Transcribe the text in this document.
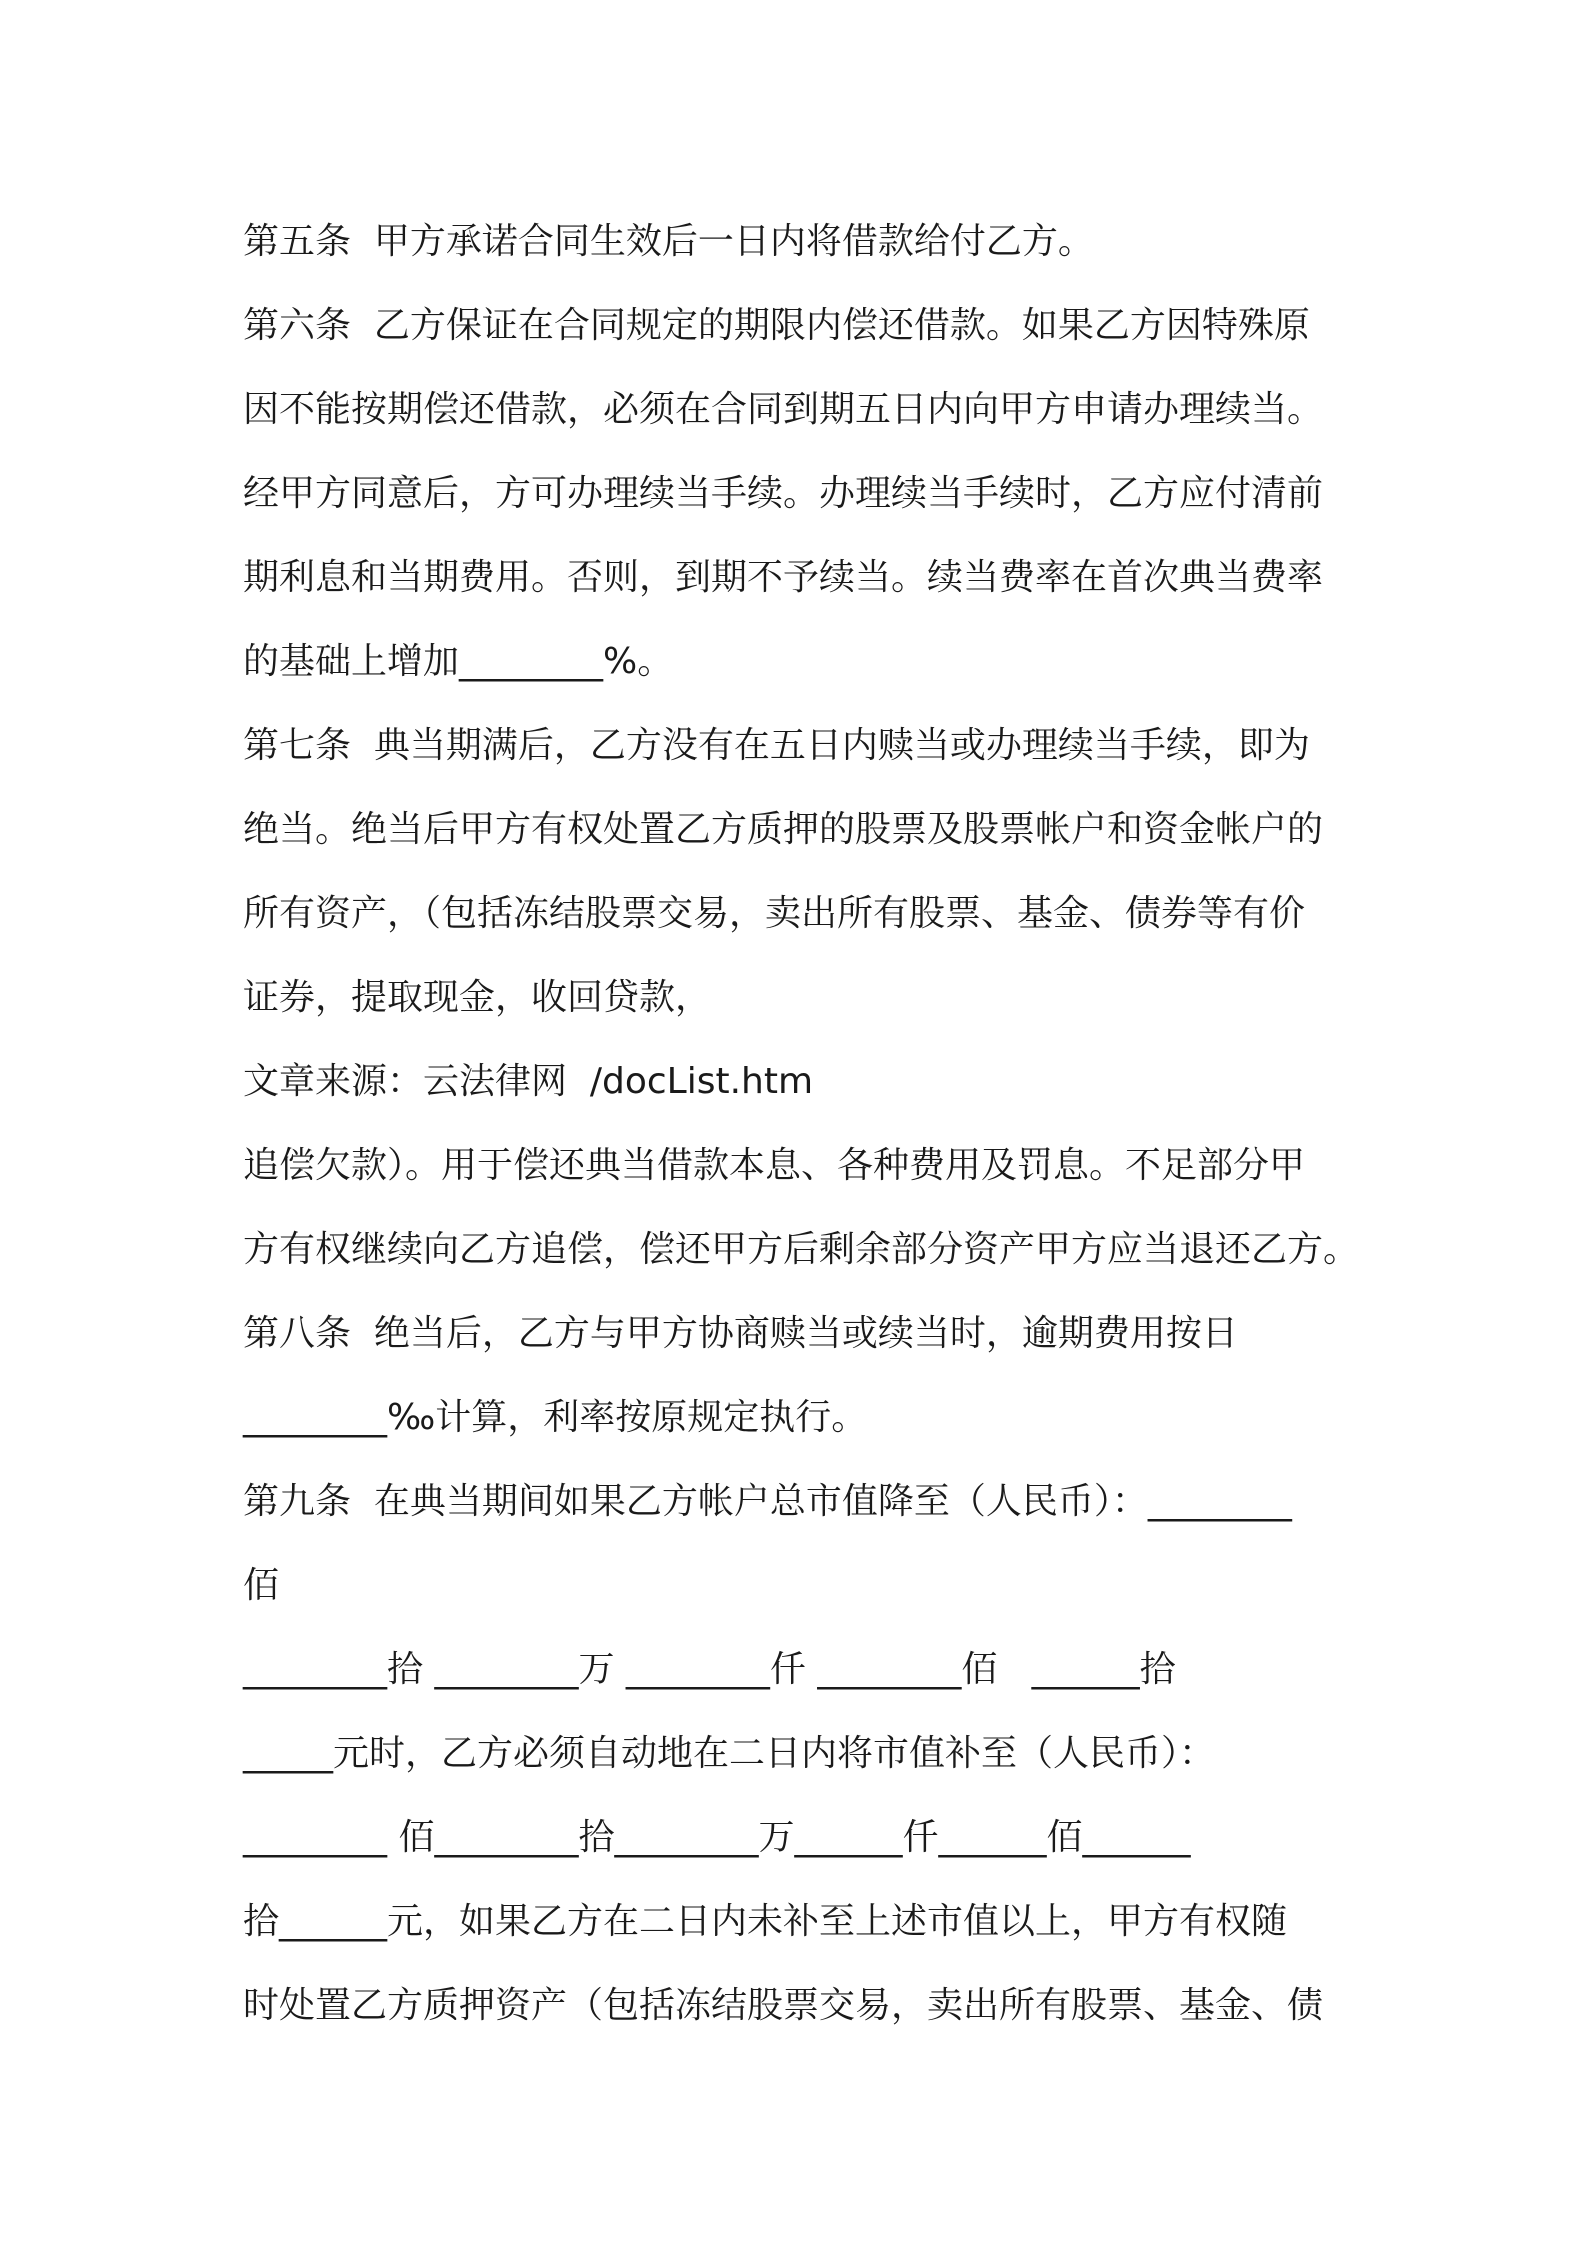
第五条  甲方承诺合同生效后一日内将借款给付乙方。
第六条  乙方保证在合同规定的期限内偿还借款。如果乙方因特殊原
因不能按期偿还借款，必须在合同到期五日内向甲方申请办理续当。
经甲方同意后，方可办理续当手续。办理续当手续时，乙方应付清前
期利息和当期费用。否则，到期不予续当。续当费率在首次典当费率
的基础上增加________%。
第七条  典当期满后，乙方没有在五日内赎当或办理续当手续，即为
绝当。绝当后甲方有权处置乙方质押的股票及股票帐户和资金帐户的
所有资产，（包括冻结股票交易，卖出所有股票、基金、债券等有价
证券，提取现金，收回贷款，
文章来源：云法律网  /docList.htm
追偿欠款）。用于偿还典当借款本息、各种费用及罚息。不足部分甲
方有权继续向乙方追偿，偿还甲方后剩余部分资产甲方应当退还乙方。
第八条  绝当后，乙方与甲方协商赎当或续当时，逾期费用按日
________‰计算，利率按原规定执行。
第九条  在典当期间如果乙方帐户总市值降至（人民币）：________
佰
________拾 ________万 ________仟 ________佰   ______拾
_____元时，乙方必须自动地在二日内将市值补至（人民币）：
________ 佰________拾________万______仟______佰______
拾______元，如果乙方在二日内未补至上述市值以上，甲方有权随
时处置乙方质押资产（包括冻结股票交易，卖出所有股票、基金、债
